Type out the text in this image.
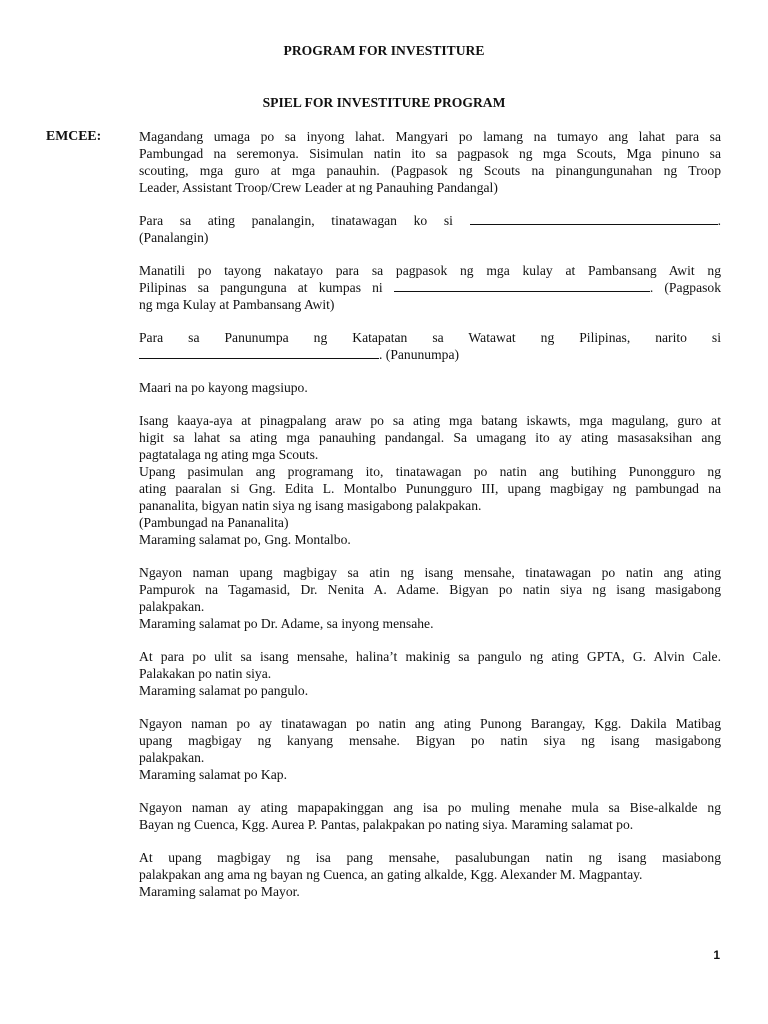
PROGRAM FOR INVESTITURE
SPIEL FOR INVESTITURE PROGRAM
EMCEE:	Magandang umaga po sa inyong lahat. Mangyari po lamang na tumayo ang lahat para sa
Pambungad na seremonya. Sisimulan natin ito sa pagpasok ng mga Scouts, Mga pinuno sa
scouting, mga guro at mga panauhin. (Pagpasok ng Scouts na pinangungunahan ng Troop
Leader, Assistant Troop/Crew Leader at ng Panauhing Pandangal)

Para sa ating panalangin, tinatawagan ko si	.
(Panalangin)

Manatili po tayong nakatayo para sa pagpasok ng mga kulay at Pambansang Awit ng
Pilipinas sa pangunguna at kumpas ni	. (Pagpasok
ng mga Kulay at Pambansang Awit)

Para sa Panunumpa ng Katapatan sa Watawat ng Pilipinas, narito si
. (Panunumpa)

Maari na po kayong magsiupo.

Isang kaaya-aya at pinagpalang araw po sa ating mga batang iskawts, mga magulang, guro at
higit sa lahat sa ating mga panauhing pandangal. Sa umagang ito ay ating masasaksihan ang
pagtatalaga ng ating mga Scouts.
Upang pasimulan ang programang ito, tinatawagan po natin ang butihing Punongguro ng
ating paaralan si Gng. Edita L. Montalbo Punungguro III, upang magbigay ng pambungad na
pananalita, bigyan natin siya ng isang masigabong palakpakan.
(Pambungad na Pananalita)
Maraming salamat po, Gng. Montalbo.

Ngayon naman upang magbigay sa atin ng isang mensahe, tinatawagan po natin ang ating
Pampurok na Tagamasid, Dr. Nenita A. Adame. Bigyan po natin siya ng isang masigabong
palakpakan.
Maraming salamat po Dr. Adame, sa inyong mensahe.

At para po ulit sa isang mensahe, halina’t makinig sa pangulo ng ating GPTA, G. Alvin Cale.
Palakakan po natin siya.
Maraming salamat po pangulo.

Ngayon naman po ay tinatawagan po natin ang ating Punong Barangay, Kgg. Dakila Matibag
upang magbigay ng kanyang mensahe. Bigyan po natin siya ng isang masigabong
palakpakan.
Maraming salamat po Kap.

Ngayon naman ay ating mapapakinggan ang isa po muling menahe mula sa Bise-alkalde ng
Bayan ng Cuenca, Kgg. Aurea P. Pantas, palakpakan po nating siya. Maraming salamat po.

At upang magbigay ng isa pang mensahe, pasalubungan natin ng isang masiabong
palakpakan ang ama ng bayan ng Cuenca, an gating alkalde, Kgg. Alexander M. Magpantay.
Maraming salamat po Mayor.

1
